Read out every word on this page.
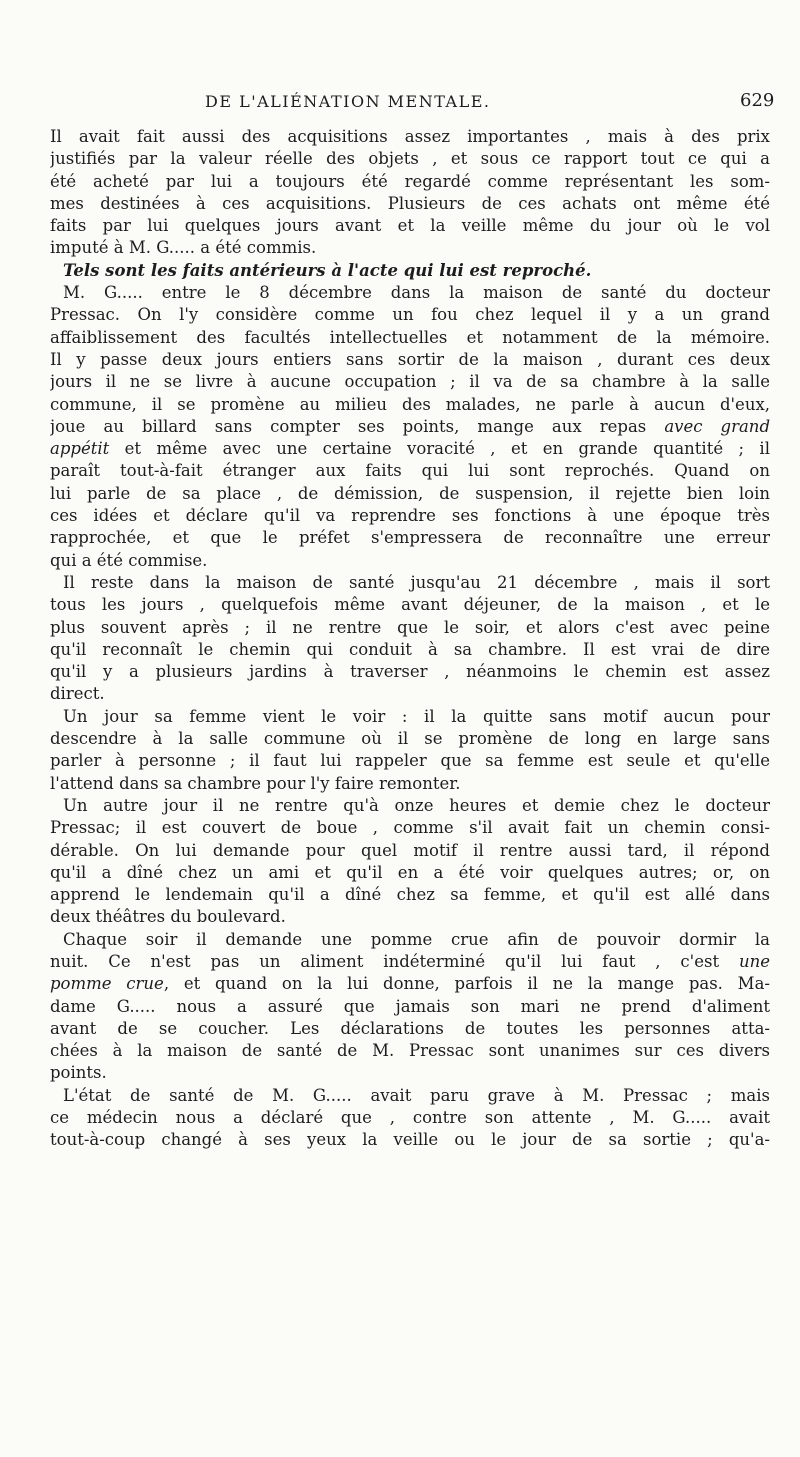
DE L'ALIÉNATION MENTALE.	629
Il avait fait aussi des acquisitions assez importantes , mais à des prix
justifiés par la valeur réelle des objets , et sous ce rapport tout ce qui a
été acheté par lui a toujours été regardé comme représentant les som-
mes destinées à ces acquisitions. Plusieurs de ces achats ont même été
faits par lui quelques jours avant et la veille même du jour où le vol
imputé à M. G..... a été commis.
Tels sont les faits antérieurs à l'acte qui lui est reproché.
M. G..... entre le 8 décembre dans la maison de santé du docteur
Pressac. On l'y considère comme un fou chez lequel il y a un grand
affaiblissement des facultés intellectuelles et notamment de la mémoire.
Il y passe deux jours entiers sans sortir de la maison , durant ces deux
jours il ne se livre à aucune occupation ; il va de sa chambre à la salle
commune, il se promène au milieu des malades, ne parle à aucun d'eux,
joue au billard sans compter ses points, mange aux repas avec grand
appétit et même avec une certaine voracité , et en grande quantité ; il
paraît tout-à-fait étranger aux faits qui lui sont reprochés. Quand on
lui parle de sa place , de démission, de suspension, il rejette bien loin
ces idées et déclare qu'il va reprendre ses fonctions à une époque très
rapprochée, et que le préfet s'empressera de reconnaître une erreur
qui a été commise.
Il reste dans la maison de santé jusqu'au 21 décembre , mais il sort
tous les jours , quelquefois même avant déjeuner, de la maison , et le
plus souvent après ; il ne rentre que le soir, et alors c'est avec peine
qu'il reconnaît le chemin qui conduit à sa chambre. Il est vrai de dire
qu'il y a plusieurs jardins à traverser , néanmoins le chemin est assez
direct.
Un jour sa femme vient le voir : il la quitte sans motif aucun pour
descendre à la salle commune où il se promène de long en large sans
parler à personne ; il faut lui rappeler que sa femme est seule et qu'elle
l'attend dans sa chambre pour l'y faire remonter.
Un autre jour il ne rentre qu'à onze heures et demie chez le docteur
Pressac; il est couvert de boue , comme s'il avait fait un chemin consi-
dérable. On lui demande pour quel motif il rentre aussi tard, il répond
qu'il a dîné chez un ami et qu'il en a été voir quelques autres; or, on
apprend le lendemain qu'il a dîné chez sa femme, et qu'il est allé dans
deux théâtres du boulevard.
Chaque soir il demande une pomme crue afin de pouvoir dormir la
nuit. Ce n'est pas un aliment indéterminé qu'il lui faut , c'est une
pomme crue, et quand on la lui donne, parfois il ne la mange pas. Ma-
dame G..... nous a assuré que jamais son mari ne prend d'aliment
avant de se coucher. Les déclarations de toutes les personnes atta-
chées à la maison de santé de M. Pressac sont unanimes sur ces divers
points.
L'état de santé de M. G..... avait paru grave à M. Pressac ; mais
ce médecin nous a déclaré que , contre son attente , M. G..... avait
tout-à-coup changé à ses yeux la veille ou le jour de sa sortie ; qu'a-
